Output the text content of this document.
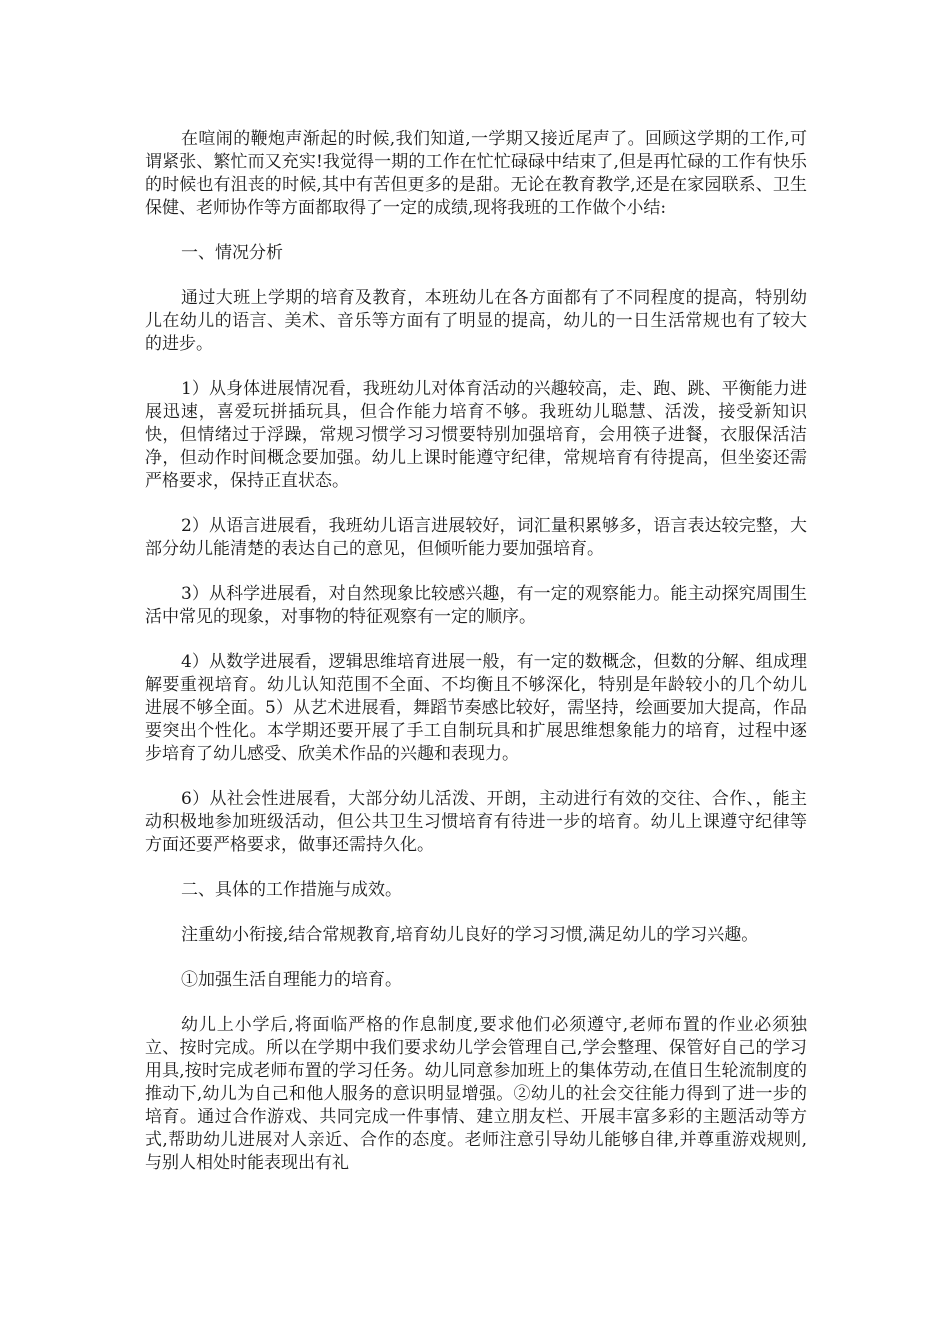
在喧闹的鞭炮声渐起的时候,我们知道,一学期又接近尾声了。回顾这学期的工作,可谓紧张、繁忙而又充实!我觉得一期的工作在忙忙碌碌中结束了,但是再忙碌的工作有快乐的时候也有沮丧的时候,其中有苦但更多的是甜。无论在教育教学,还是在家园联系、卫生保健、老师协作等方面都取得了一定的成绩,现将我班的工作做个小结:

一、情况分析

通过大班上学期的培育及教育，本班幼儿在各方面都有了不同程度的提高，特别幼儿在幼儿的语言、美术、音乐等方面有了明显的提高，幼儿的一日生活常规也有了较大的进步。

1）从身体进展情况看，我班幼儿对体育活动的兴趣较高，走、跑、跳、平衡能力进展迅速，喜爱玩拼插玩具，但合作能力培育不够。我班幼儿聪慧、活泼，接受新知识快，但情绪过于浮躁，常规习惯学习习惯要特别加强培育，会用筷子进餐，衣服保活洁净，但动作时间概念要加强。幼儿上课时能遵守纪律，常规培育有待提高，但坐姿还需严格要求，保持正直状态。

2）从语言进展看，我班幼儿语言进展较好，词汇量积累够多，语言表达较完整，大部分幼儿能清楚的表达自己的意见，但倾听能力要加强培育。

3）从科学进展看，对自然现象比较感兴趣，有一定的观察能力。能主动探究周围生活中常见的现象，对事物的特征观察有一定的顺序。

4）从数学进展看，逻辑思维培育进展一般，有一定的数概念，但数的分解、组成理解要重视培育。幼儿认知范围不全面、不均衡且不够深化，特别是年龄较小的几个幼儿进展不够全面。5）从艺术进展看，舞蹈节奏感比较好，需坚持，绘画要加大提高，作品要突出个性化。本学期还要开展了手工自制玩具和扩展思维想象能力的培育，过程中逐步培育了幼儿感受、欣美术作品的兴趣和表现力。

6）从社会性进展看，大部分幼儿活泼、开朗，主动进行有效的交往、合作、，能主动积极地参加班级活动，但公共卫生习惯培育有待进一步的培育。幼儿上课遵守纪律等方面还要严格要求，做事还需持久化。

二、具体的工作措施与成效。

注重幼小衔接,结合常规教育,培育幼儿良好的学习习惯,满足幼儿的学习兴趣。

①加强生活自理能力的培育。

幼儿上小学后,将面临严格的作息制度,要求他们必须遵守,老师布置的作业必须独立、按时完成。所以在学期中我们要求幼儿学会管理自己,学会整理、保管好自己的学习用具,按时完成老师布置的学习任务。幼儿同意参加班上的集体劳动,在值日生轮流制度的推动下,幼儿为自己和他人服务的意识明显增强。②幼儿的社会交往能力得到了进一步的培育。通过合作游戏、共同完成一件事情、建立朋友栏、开展丰富多彩的主题活动等方式,帮助幼儿进展对人亲近、合作的态度。老师注意引导幼儿能够自律,并尊重游戏规则,与别人相处时能表现出有礼
